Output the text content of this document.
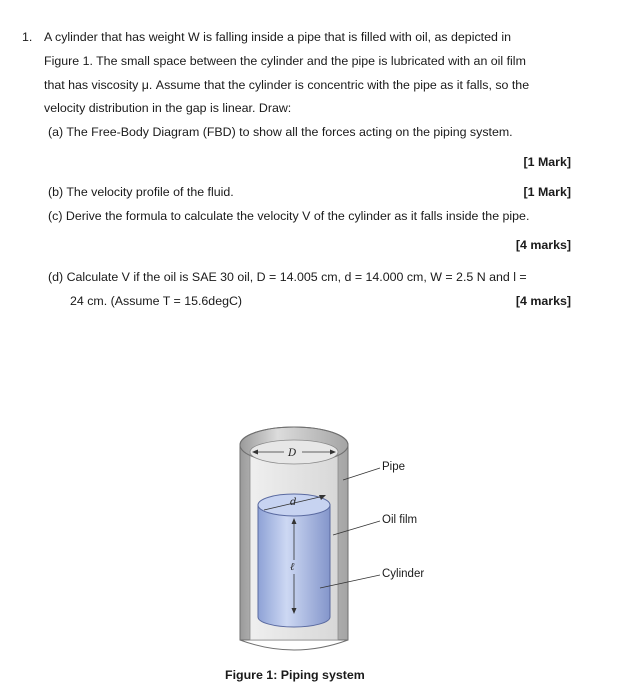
1. A cylinder that has weight W is falling inside a pipe that is filled with oil, as depicted in
Figure 1. The small space between the cylinder and the pipe is lubricated with an oil film
that has viscosity μ. Assume that the cylinder is concentric with the pipe as it falls, so the
velocity distribution in the gap is linear. Draw:
(a) The Free-Body Diagram (FBD) to show all the forces acting on the piping system.
[1 Mark]
(b) The velocity profile of the fluid.	[1 Mark]
(c) Derive the formula to calculate the velocity V of the cylinder as it falls inside the pipe.
[4 marks]
(d) Calculate V if the oil is SAE 30 oil, D = 14.005 cm, d = 14.000 cm, W = 2.5 N and l =
24 cm. (Assume T = 15.6degC)	[4 marks]
D
d
ℓ
Pipe
Oil film
Cylinder
Figure 1: Piping system
